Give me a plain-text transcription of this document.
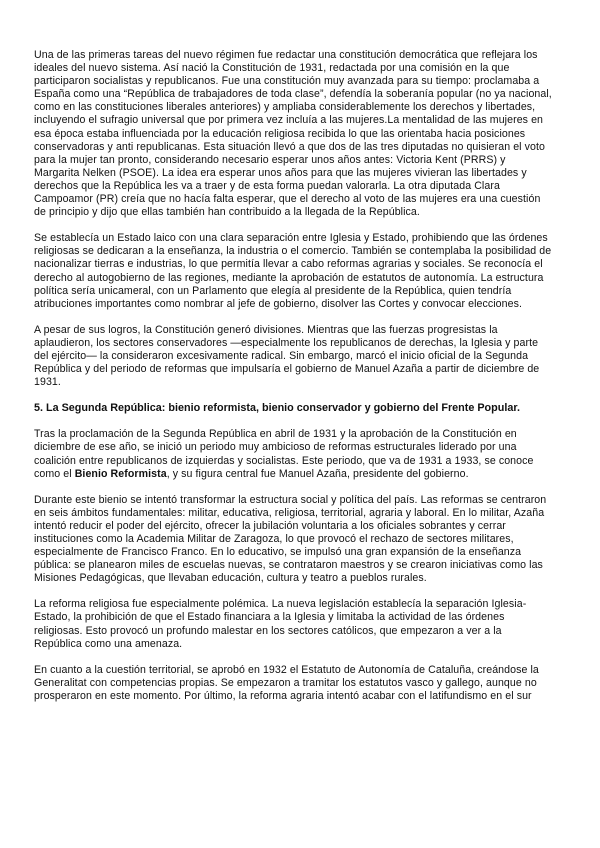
Una de las primeras tareas del nuevo régimen fue redactar una constitución democrática que reflejara los ideales del nuevo sistema. Así nació la Constitución de 1931, redactada por una comisión en la que participaron socialistas y republicanos. Fue una constitución muy avanzada para su tiempo: proclamaba a España como una “República de trabajadores de toda clase”, defendía la soberanía popular (no ya nacional, como en las constituciones liberales anteriores) y ampliaba considerablemente los derechos y libertades, incluyendo el sufragio universal que por primera vez incluía a las mujeres.La mentalidad de las mujeres en esa época estaba influenciada por la educación religiosa recibida lo que las orientaba hacia posiciones conservadoras y anti republicanas. Esta situación llevó a que dos de las tres diputadas no quisieran el voto para la mujer tan pronto, considerando necesario esperar unos años antes: Victoria Kent (PRRS) y Margarita Nelken (PSOE). La idea era esperar unos años para que las mujeres vivieran las libertades y derechos que la República les va a traer y de esta forma puedan valorarla. La otra diputada Clara Campoamor (PR) creía que no hacía falta esperar, que el derecho al voto de las mujeres era una cuestión de principio y dijo que ellas también han contribuido a la llegada de la República.

Se establecía un Estado laico con una clara separación entre Iglesia y Estado, prohibiendo que las órdenes religiosas se dedicaran a la enseñanza, la industria o el comercio. También se contemplaba la posibilidad de nacionalizar tierras e industrias, lo que permitía llevar a cabo reformas agrarias y sociales. Se reconocía el derecho al autogobierno de las regiones, mediante la aprobación de estatutos de autonomía. La estructura política sería unicameral, con un Parlamento que elegía al presidente de la República, quien tendría atribuciones importantes como nombrar al jefe de gobierno, disolver las Cortes y convocar elecciones.

A pesar de sus logros, la Constitución generó divisiones. Mientras que las fuerzas progresistas la aplaudieron, los sectores conservadores —especialmente los republicanos de derechas, la Iglesia y parte del ejército— la consideraron excesivamente radical. Sin embargo, marcó el inicio oficial de la Segunda República y del periodo de reformas que impulsaría el gobierno de Manuel Azaña a partir de diciembre de 1931.

5. La Segunda República: bienio reformista, bienio conservador y gobierno del Frente Popular.

Tras la proclamación de la Segunda República en abril de 1931 y la aprobación de la Constitución en diciembre de ese año, se inició un periodo muy ambicioso de reformas estructurales liderado por una coalición entre republicanos de izquierdas y socialistas. Este periodo, que va de 1931 a 1933, se conoce como el Bienio Reformista, y su figura central fue Manuel Azaña, presidente del gobierno.

Durante este bienio se intentó transformar la estructura social y política del país. Las reformas se centraron en seis ámbitos fundamentales: militar, educativa, religiosa, territorial, agraria y laboral. En lo militar, Azaña intentó reducir el poder del ejército, ofrecer la jubilación voluntaria a los oficiales sobrantes y cerrar instituciones como la Academia Militar de Zaragoza, lo que provocó el rechazo de sectores militares, especialmente de Francisco Franco. En lo educativo, se impulsó una gran expansión de la enseñanza pública: se planearon miles de escuelas nuevas, se contrataron maestros y se crearon iniciativas como las Misiones Pedagógicas, que llevaban educación, cultura y teatro a pueblos rurales.

La reforma religiosa fue especialmente polémica. La nueva legislación establecía la separación Iglesia-Estado, la prohibición de que el Estado financiara a la Iglesia y limitaba la actividad de las órdenes religiosas. Esto provocó un profundo malestar en los sectores católicos, que empezaron a ver a la República como una amenaza.

En cuanto a la cuestión territorial, se aprobó en 1932 el Estatuto de Autonomía de Cataluña, creándose la Generalitat con competencias propias. Se empezaron a tramitar los estatutos vasco y gallego, aunque no prosperaron en este momento. Por último, la reforma agraria intentó acabar con el latifundismo en el sur
